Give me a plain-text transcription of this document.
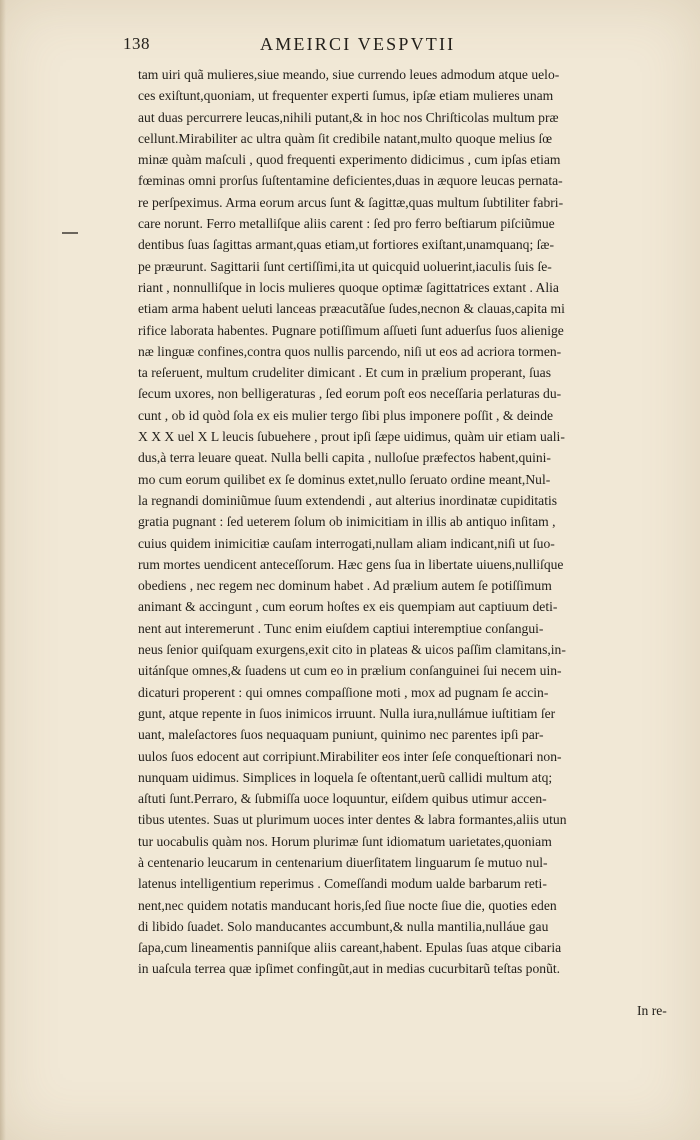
138	AMEIRCI VESPVTII
tam uiri quã mulieres,siue meando, siue currendo leues admodum atque uelo-
ces exiſtunt,quoniam, ut frequenter experti ſumus, ipſæ etiam mulieres unam
aut duas percurrere leucas,nihili putant,& in hoc nos Chriſticolas multum præ
cellunt.Mirabiliter ac ultra quàm ſit credibile natant,multo quoque melius ſœ
minæ quàm maſculi , quod frequenti experimento didicimus , cum ipſas etiam
fœminas omni prorſus ſuſtentamine deficientes,duas in æquore leucas pernata-
re perſpeximus. Arma eorum arcus ſunt & ſagittæ,quas multum ſubtiliter fabri-
care norunt. Ferro metalliſque aliis carent : ſed pro ferro beſtiarum piſciũmue
dentibus ſuas ſagittas armant,quas etiam,ut fortiores exiſtant,unamquanq; ſæ-
pe præurunt. Sagittarii ſunt certiſſimi,ita ut quicquid uoluerint,iaculis ſuis ſe-
riant , nonnulliſque in locis mulieres quoque optimæ ſagittatrices extant . Alia
etiam arma habent ueluti lanceas præacutãſue ſudes,necnon & clauas,capita mi
rifice laborata habentes. Pugnare potiſſimum aſſueti ſunt aduerſus ſuos alienige
næ linguæ confines,contra quos nullis parcendo, niſi ut eos ad acriora tormen-
ta reſeruent, multum crudeliter dimicant . Et cum in prælium properant, ſuas
ſecum uxores, non belligeraturas , ſed eorum poſt eos neceſſaria perlaturas du-
cunt , ob id quòd ſola ex eis mulier tergo ſibi plus imponere poſſit , & deinde
X X X uel X L leucis ſubuehere , prout ipſi ſæpe uidimus, quàm uir etiam uali-
dus,à terra leuare queat. Nulla belli capita , nulloſue præfectos habent,quini-
mo cum eorum quilibet ex ſe dominus extet,nullo ſeruato ordine meant,Nul-
la regnandi dominiũmue ſuum extendendi , aut alterius inordinatæ cupiditatis
gratia pugnant : ſed ueterem ſolum ob inimicitiam in illis ab antiquo inſitam ,
cuius quidem inimicitiæ cauſam interrogati,nullam aliam indicant,niſi ut ſuo-
rum mortes uendicent anteceſſorum. Hæc gens ſua in libertate uiuens,nulliſque
obediens , nec regem nec dominum habet . Ad prælium autem ſe potiſſimum
animant & accingunt , cum eorum hoſtes ex eis quempiam aut captiuum deti-
nent aut interemerunt . Tunc enim eiuſdem captiui interemptiue conſangui-
neus ſenior quiſquam exurgens,exit cito in plateas & uicos paſſim clamitans,in-
uitánſque omnes,& ſuadens ut cum eo in prælium conſanguinei ſui necem uin-
dicaturi properent : qui omnes compaſſione moti , mox ad pugnam ſe accin-
gunt, atque repente in ſuos inimicos irruunt. Nulla iura,nullámue iuſtitiam ſer
uant, maleſactores ſuos nequaquam puniunt, quinimo nec parentes ipſi par-
uulos ſuos edocent aut corripiunt.Mirabiliter eos inter ſeſe conqueſtionari non-
nunquam uidimus. Simplices in loquela ſe oſtentant,uerũ callidi multum atq;
aſtuti ſunt.Perraro, & ſubmiſſa uoce loquuntur, eiſdem quibus utimur accen-
tibus utentes. Suas ut plurimum uoces inter dentes & labra formantes,aliis utun
tur uocabulis quàm nos. Horum plurimæ ſunt idiomatum uarietates,quoniam
à centenario leucarum in centenarium diuerſitatem linguarum ſe mutuo nul-
latenus intelligentium reperimus . Comeſſandi modum ualde barbarum reti-
nent,nec quidem notatis manducant horis,ſed ſiue nocte ſiue die, quoties eden
di libido ſuadet. Solo manducantes accumbunt,& nulla mantilia,nulláue gau
ſapa,cum lineamentis panniſque aliis careant,habent. Epulas ſuas atque cibaria
in uaſcula terrea quæ ipſimet confingũt,aut in medias cucurbitarũ teſtas ponũt.
In re-
